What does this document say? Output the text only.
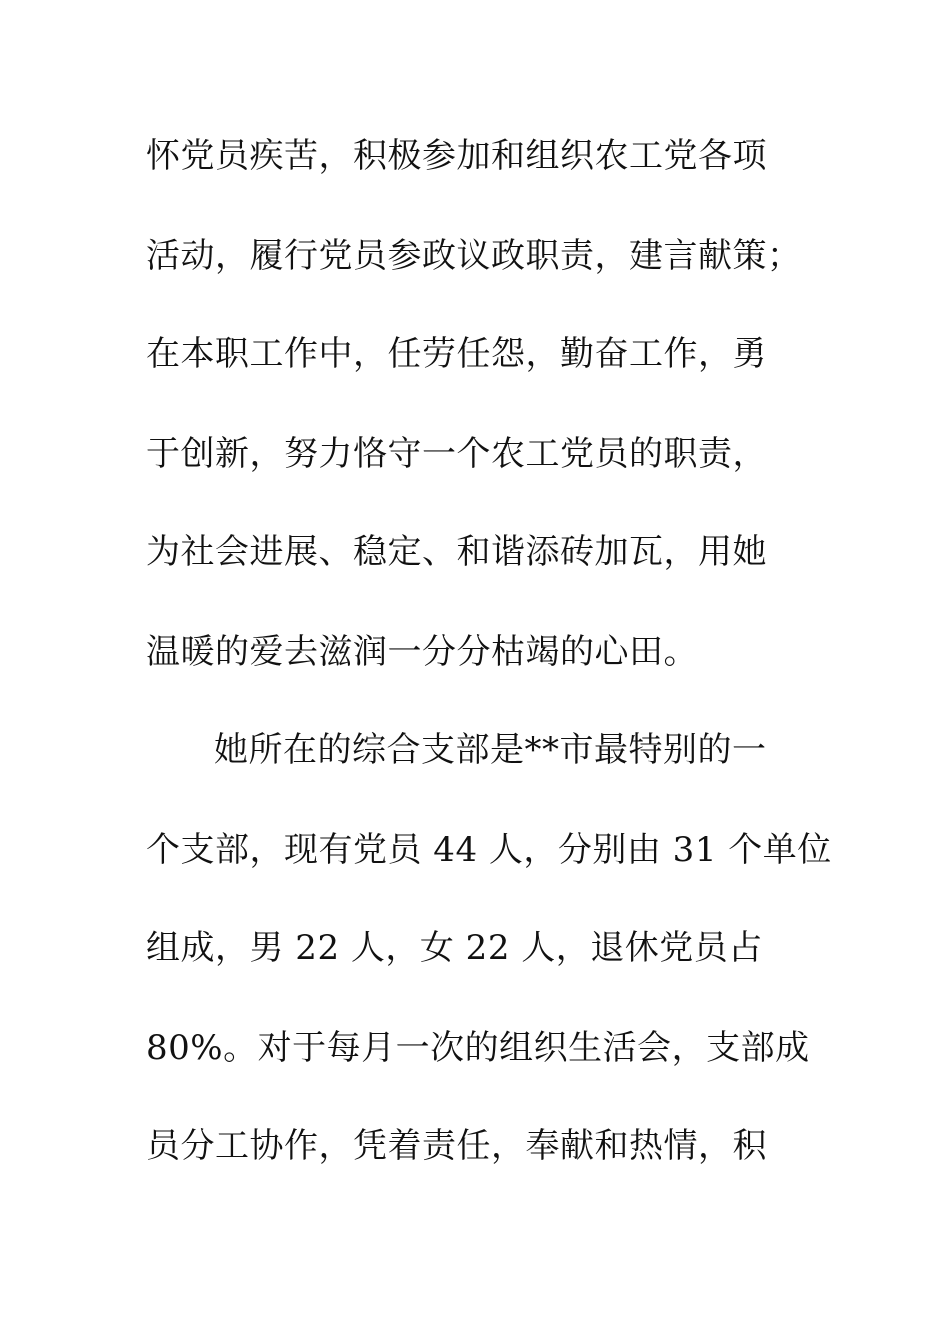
怀党员疾苦，积极参加和组织农工党各项
活动，履行党员参政议政职责，建言献策；
在本职工作中，任劳任怨，勤奋工作，勇
于创新，努力恪守一个农工党员的职责，
为社会进展、稳定、和谐添砖加瓦，用她
温暖的爱去滋润一分分枯竭的心田。
她所在的综合支部是**市最特别的一
个支部，现有党员 44 人，分别由 31 个单位
组成，男 22 人，女 22 人，退休党员占
80%。对于每月一次的组织生活会，支部成
员分工协作，凭着责任，奉献和热情，积
